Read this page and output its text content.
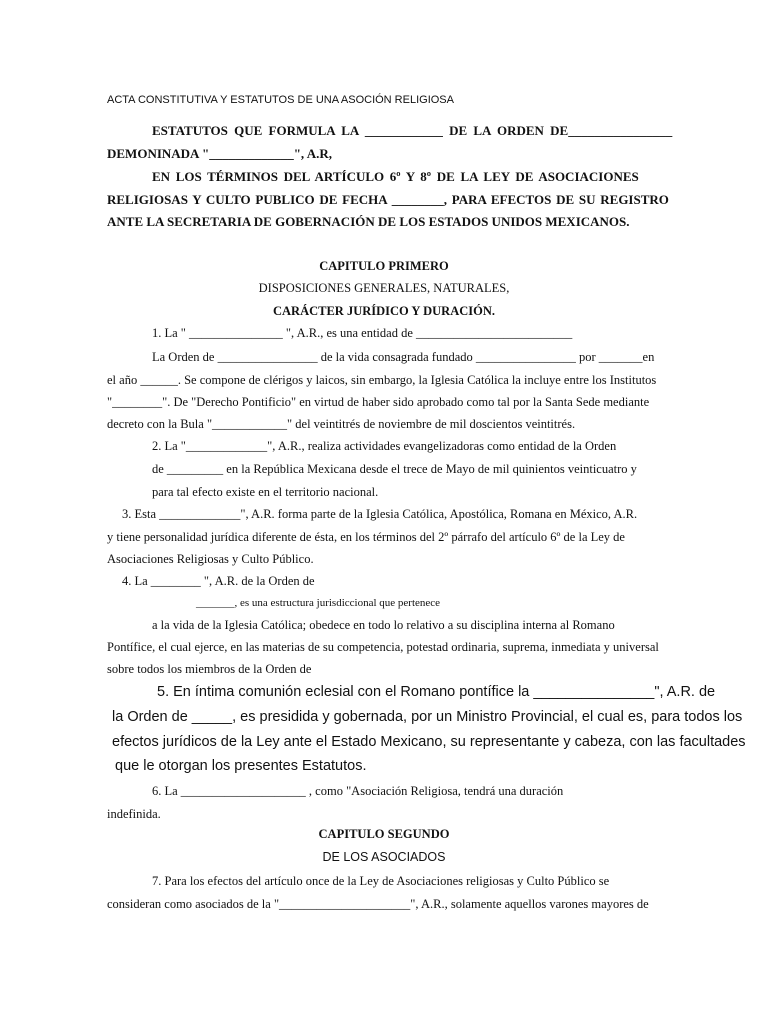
ACTA CONSTITUTIVA Y ESTATUTOS DE UNA ASOCIÓN RELIGIOSA
ESTATUTOS QUE FORMULA LA ____________ DE LA ORDEN DE________________
DEMONINADA "_____________", A.R,
EN LOS TÉRMINOS DEL ARTÍCULO 6º Y 8º DE LA LEY DE ASOCIACIONES
RELIGIOSAS Y CULTO PUBLICO DE FECHA ________, PARA EFECTOS DE SU REGISTRO
ANTE LA SECRETARIA DE GOBERNACIÓN DE LOS ESTADOS UNIDOS MEXICANOS.
CAPITULO PRIMERO
DISPOSICIONES GENERALES, NATURALES,
CARÁCTER JURÍDICO Y DURACIÓN.
1. La " _______________ ", A.R., es una entidad de _________________________
La Orden de ________________ de la vida consagrada fundado ________________ por _______en
el año ______. Se compone de clérigos y laicos, sin embargo, la Iglesia Católica la incluye entre los Institutos
"________". De "Derecho Pontificio" en virtud de haber sido aprobado como tal por la Santa Sede mediante
decreto con la Bula "____________" del veintitrés de noviembre de mil doscientos veintitrés.
2. La "_____________", A.R., realiza actividades evangelizadoras como entidad de la Orden
de _________ en la República Mexicana desde el trece de Mayo de mil quinientos veinticuatro y
para tal efecto existe en el territorio nacional.
3. Esta _____________", A.R. forma parte de la Iglesia Católica, Apostólica, Romana en México, A.R.
y tiene personalidad jurídica diferente de ésta, en los términos del 2º párrafo del artículo 6º de la Ley de
Asociaciones Religiosas y Culto Público.
4. La ________ ", A.R. de la Orden de
_______, es una estructura jurisdiccional que pertenece
a la vida de la Iglesia Católica; obedece en todo lo relativo a su disciplina interna al Romano
Pontífice, el cual ejerce, en las materias de su competencia, potestad ordinaria, suprema, inmediata y universal
sobre todos los miembros de la Orden de
5. En íntima comunión eclesial con el Romano pontífice la _______________", A.R. de
la Orden de _____, es presidida y gobernada, por un Ministro Provincial, el cual es, para todos los
efectos jurídicos de la Ley ante el Estado Mexicano, su representante y cabeza, con las facultades
que le otorgan los presentes Estatutos.
6. La ____________________ , como "Asociación Religiosa, tendrá una duración
indefinida.
CAPITULO SEGUNDO
DE LOS ASOCIADOS
7. Para los efectos del artículo once de la Ley de Asociaciones religiosas y Culto Público se
consideran como asociados de la "_____________________", A.R., solamente aquellos varones mayores de
